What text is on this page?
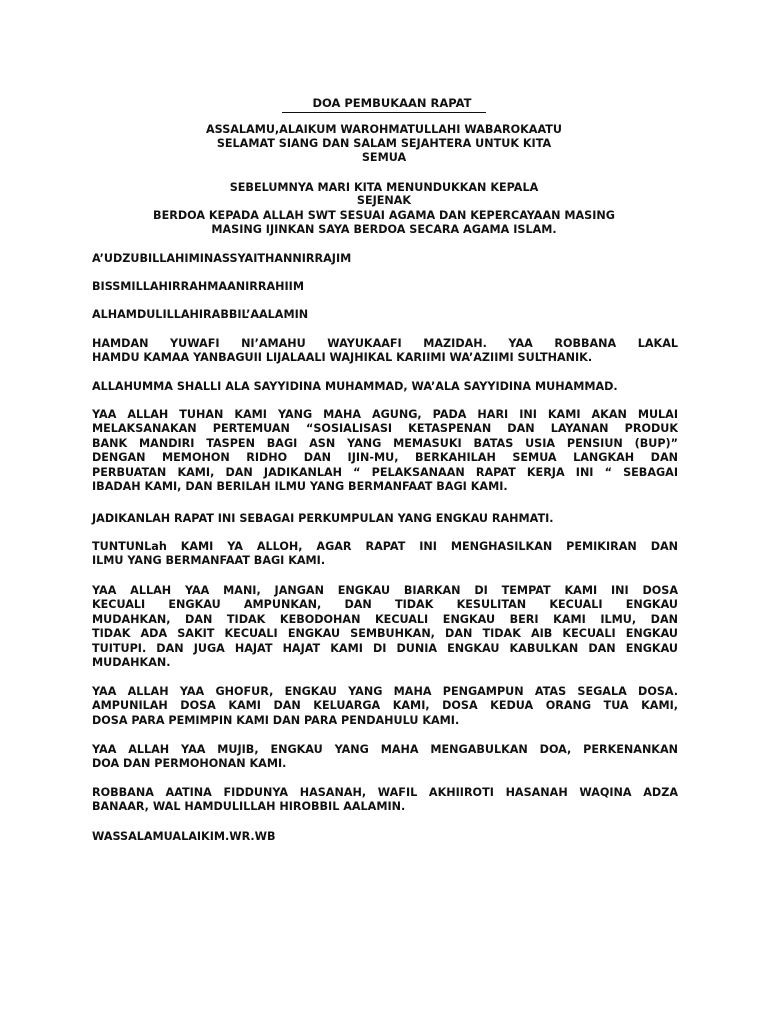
DOA PEMBUKAAN RAPAT
ASSALAMU,ALAIKUM WAROHMATULLAHI WABAROKAATU
SELAMAT SIANG DAN SALAM SEJAHTERA UNTUK KITA
SEMUA
SEBELUMNYA MARI KITA MENUNDUKKAN KEPALA
SEJENAK
BERDOA KEPADA ALLAH SWT SESUAI AGAMA DAN KEPERCAYAAN MASING
MASING IJINKAN SAYA BERDOA SECARA AGAMA ISLAM.
A’UDZUBILLAHIMINASSYAITHANNIRRAJIM
BISSMILLAHIRRAHMAANIRRAHIIM
ALHAMDULILLAHIRABBIL’AALAMIN
HAMDAN YUWAFI NI’AMAHU WAYUKAAFI MAZIDAH. YAA ROBBANA LAKAL
HAMDU KAMAA YANBAGUII LIJALAALI WAJHIKAL KARIIMI WA’AZIIMI SULTHANIK.
ALLAHUMMA SHALLI ALA SAYYIDINA MUHAMMAD, WA’ALA SAYYIDINA MUHAMMAD.
YAA ALLAH TUHAN KAMI YANG MAHA AGUNG, PADA HARI INI KAMI AKAN MULAI
MELAKSANAKAN PERTEMUAN “SOSIALISASI KETASPENAN DAN LAYANAN PRODUK
BANK MANDIRI TASPEN BAGI ASN YANG MEMASUKI BATAS USIA PENSIUN (BUP)”
DENGAN MEMOHON RIDHO DAN IJIN-MU, BERKAHILAH SEMUA LANGKAH DAN
PERBUATAN KAMI, DAN JADIKANLAH “ PELAKSANAAN RAPAT KERJA INI “ SEBAGAI
IBADAH KAMI, DAN BERILAH ILMU YANG BERMANFAAT BAGI KAMI.
JADIKANLAH RAPAT INI SEBAGAI PERKUMPULAN YANG ENGKAU RAHMATI.
TUNTUNLah KAMI YA ALLOH, AGAR RAPAT INI MENGHASILKAN PEMIKIRAN DAN
ILMU YANG BERMANFAAT BAGI KAMI.
YAA ALLAH YAA MANI, JANGAN ENGKAU BIARKAN DI TEMPAT KAMI INI DOSA
KECUALI ENGKAU AMPUNKAN, DAN TIDAK KESULITAN KECUALI ENGKAU
MUDAHKAN, DAN TIDAK KEBODOHAN KECUALI ENGKAU BERI KAMI ILMU, DAN
TIDAK ADA SAKIT KECUALI ENGKAU SEMBUHKAN, DAN TIDAK AIB KECUALI ENGKAU
TUITUPI. DAN JUGA HAJAT HAJAT KAMI DI DUNIA ENGKAU KABULKAN DAN ENGKAU
MUDAHKAN.
YAA ALLAH YAA GHOFUR, ENGKAU YANG MAHA PENGAMPUN ATAS SEGALA DOSA.
AMPUNILAH DOSA KAMI DAN KELUARGA KAMI, DOSA KEDUA ORANG TUA KAMI,
DOSA PARA PEMIMPIN KAMI DAN PARA PENDAHULU KAMI.
YAA ALLAH YAA MUJIB, ENGKAU YANG MAHA MENGABULKAN DOA, PERKENANKAN
DOA DAN PERMOHONAN KAMI.
ROBBANA AATINA FIDDUNYA HASANAH, WAFIL AKHIIROTI HASANAH WAQINA ADZA
BANAAR, WAL HAMDULILLAH HIROBBIL AALAMIN.
WASSALAMUALAIKIM.WR.WB
